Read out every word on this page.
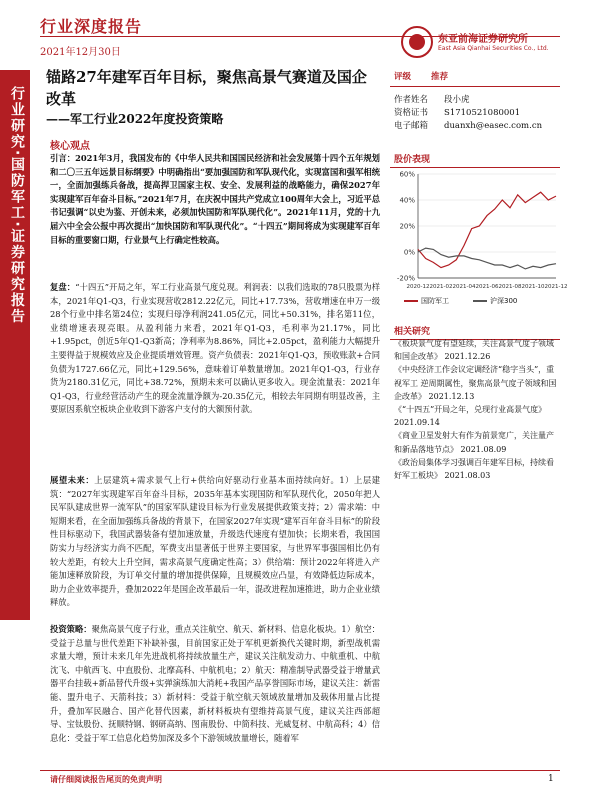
行业深度报告
2021年12月30日
东亚前海证券研究所
East Asia Qianhai Securities Co., Ltd.
行业研究·国防军工·证券研究报告
锚路27年建军百年目标，聚焦高景气赛道及国企改革
——军工行业2022年度投资策略
核心观点
引言：2021年3月，我国发布的《中华人民共和国国民经济和社会发展第十四个五年规划和二〇三五年远景目标纲要》中明确指出“要加强国防和军队现代化，实现富国和强军相统一，全面加强练兵备战，提高捍卫国家主权、安全、发展利益的战略能力，确保2027年实现建军百年奋斗目标。”2021年7月，在庆祝中国共产党成立100周年大会上，习近平总书记强调“以史为鉴、开创未来，必须加快国防和军队现代化”。2021年11月，党的十九届六中全会公报中再次提出“加快国防和军队现代化”。“十四五”期间将成为实现建军百年目标的重要窗口期，行业景气上行确定性较高。
复盘：“十四五”开局之年，军工行业高景气度兑现。利润表：以我们选取的78只股票为样本，2021年Q1-Q3，行业实现营收2812.22亿元，同比+17.73%，营收增速在申万一级28个行业中排名第24位；实现归母净利润241.05亿元，同比+50.31%，排名第11位，业绩增速表现亮眼。从盈利能力来看，2021年Q1-Q3，毛利率为21.17%，同比+1.95pct，创近5年Q1-Q3新高；净利率为8.86%，同比+2.05pct，盈利能力大幅提升主要得益于规模效应及企业提质增效管理。资产负债表：2021年Q1-Q3，预收账款+合同负债为1727.66亿元，同比+129.56%，意味着订单数量增加。2021年Q1-Q3，行业存货为2180.31亿元，同比+38.72%，预期未来可以确认更多收入。现金流量表：2021年Q1-Q3，行业经营活动产生的现金流量净额为-20.35亿元，相较去年同期有明显改善，主要原因系航空板块企业收到下游客户支付的大额预付款。
展望未来：上层建筑+需求景气上行+供给向好驱动行业基本面持续向好。1）上层建筑：“2027年实现建军百年奋斗目标，2035年基本实现国防和军队现代化，2050年把人民军队建成世界一流军队”的国家军队建设目标为行业发展提供政策支持；2）需求端：中短期来看，在全面加强练兵备战的背景下，在国家2027年实现“建军百年奋斗目标”的阶段性目标驱动下，我国武器装备有望加速放量，升级迭代速度有望加快；长期来看，我国国防实力与经济实力尚不匹配，军费支出显著低于世界主要国家，与世界军事强国相比仍有较大差距，有较大上升空间，需求高景气度确定性高；3）供给端：预计2022年将进入产能加速释放阶段，为订单交付量的增加提供保障，且规模效应凸显，有效降低边际成本，助力企业效率提升，叠加2022年是国企改革最后一年，混改进程加速推进，助力企业业绩释放。
投资策略：聚焦高景气度子行业，重点关注航空、航天、新材料、信息化板块。1）航空：受益于总量与世代差距下补缺补强，目前国家正处于军机更新换代关键时期，新型战机需求量大增，预计未来几年先进战机将持续放量生产，建议关注航发动力、中航重机、中航沈飞、中航西飞、中直股份、北摩高科、中航机电；2）航天：精准制导武器受益于增量武器平台挂载+新品替代升级+实弹演练加大消耗+我国产品享誉国际市场，建议关注：新雷能、盟升电子、天箭科技；3）新材料：受益于航空航天领域放量增加及载体用量占比提升，叠加军民融合、国产化替代因素，新材料板块有望维持高景气度，建议关注西部超导、宝钛股份、抚顺特钢、钢研高纳、图南股份、中简科技、光威复材、中航高科；4）信息化：受益于军工信息化趋势加深及多个下游领域放量增长，随着军
评级 推荐
作者姓名	段小虎
资格证书	S1710521080001
电子邮箱	duanxh@easec.com.cn
股价表现
60%
40%
20%
0%
-20%
2020-12 2021-02 2021-04 2021-06 2021-08 2021-10 2021-12
国防军工	沪深300
相关研究
《板块景气度有望延续，关注高景气度子领域和国企改革》 2021.12.26
《中央经济工作会议定调经济“稳字当头”，重视军工 逆周期属性，聚焦高景气度子领域和国企改革》 2021.12.13
《“十四五”开局之年，兑现行业高景气度》 2021.09.14
《商业卫星发射大有作为前景宽广，关注量产和新品落地节点》 2021.08.09
《政治局集体学习强调百年建军目标，持续看好军工板块》 2021.08.03
请仔细阅读报告尾页的免责声明	1
